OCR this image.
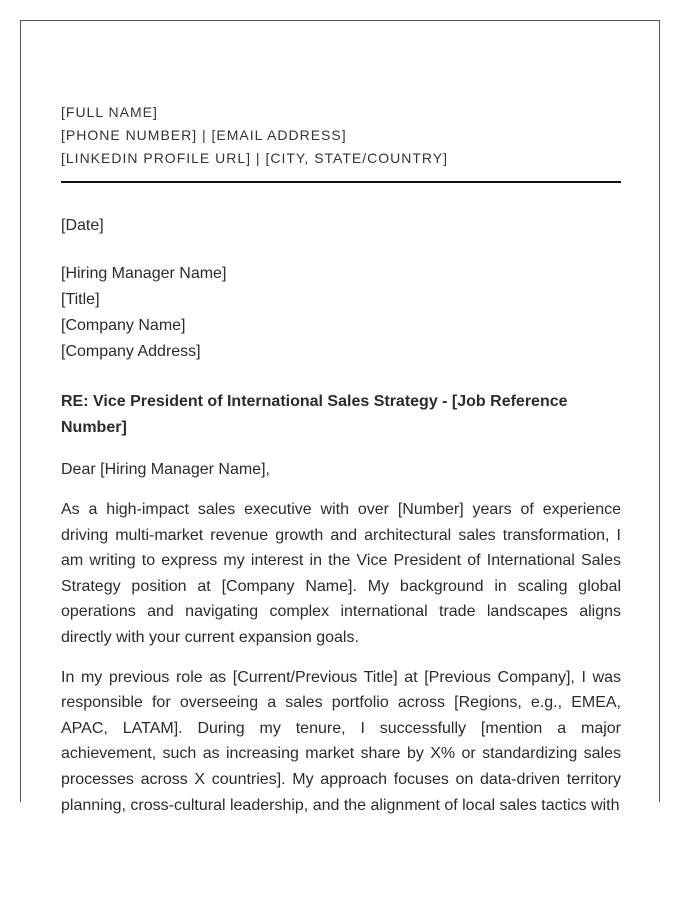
[FULL NAME]
[PHONE NUMBER] | [EMAIL ADDRESS]
[LINKEDIN PROFILE URL] | [CITY, STATE/COUNTRY]
[Date]
[Hiring Manager Name]
[Title]
[Company Name]
[Company Address]
RE: Vice President of International Sales Strategy - [Job Reference Number]
Dear [Hiring Manager Name],
As a high-impact sales executive with over [Number] years of experience driving multi-market revenue growth and architectural sales transformation, I am writing to express my interest in the Vice President of International Sales Strategy position at [Company Name]. My background in scaling global operations and navigating complex international trade landscapes aligns directly with your current expansion goals.
In my previous role as [Current/Previous Title] at [Previous Company], I was responsible for overseeing a sales portfolio across [Regions, e.g., EMEA, APAC, LATAM]. During my tenure, I successfully [mention a major achievement, such as increasing market share by X% or standardizing sales processes across X countries]. My approach focuses on data-driven territory planning, cross-cultural leadership, and the alignment of local sales tactics with
